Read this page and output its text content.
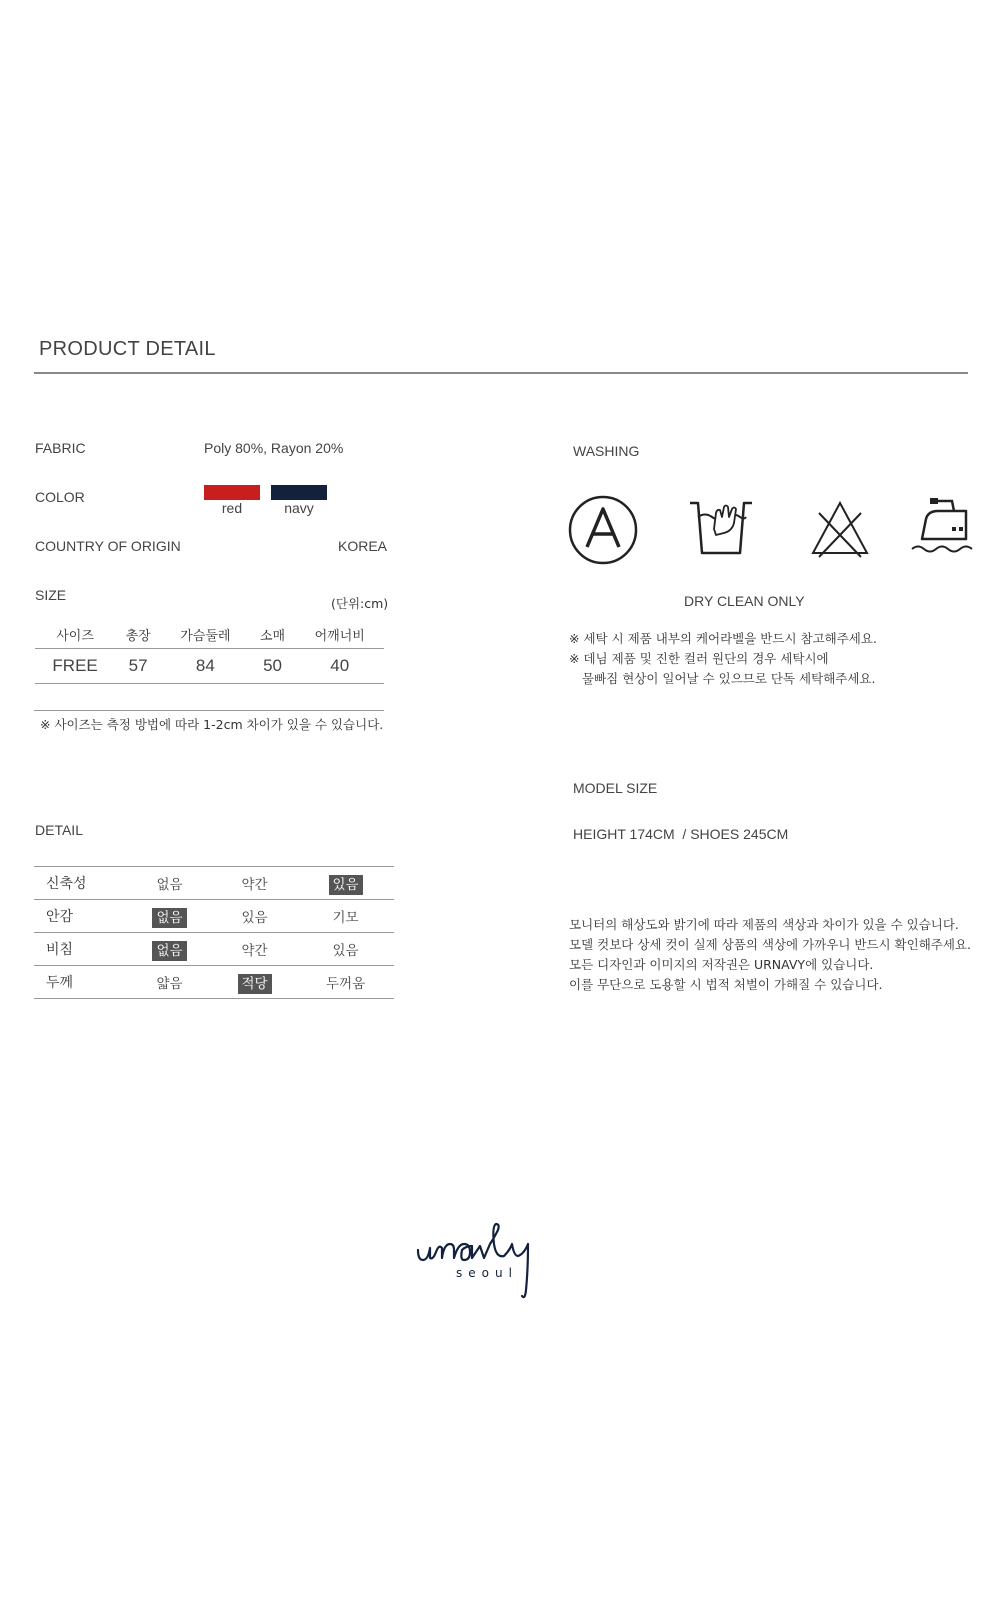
PRODUCT DETAIL
FABRIC	Poly 80%, Rayon 20%
COLOR
red	navy
COUNTRY OF ORIGIN	KOREA
SIZE
(단위:cm)
사이즈	총장	가슴둘레	소매	어깨너비
FREE	57	84	50	40
※ 사이즈는 측정 방법에 따라 1-2cm 차이가 있을 수 있습니다.
DETAIL
신축성	없음	약간	있음
안감	없음	있음	기모
비침	없음	약간	있음
두께	얇음	적당	두꺼움
WASHING
DRY CLEAN ONLY
※ 세탁 시 제품 내부의 케어라벨을 반드시 참고해주세요.
※ 데님 제품 및 진한 컬러 원단의 경우 세탁시에
물빠짐 현상이 일어날 수 있으므로 단독 세탁해주세요.
MODEL SIZE
HEIGHT 174CM  / SHOES 245CM
모니터의 해상도와 밝기에 따라 제품의 색상과 차이가 있을 수 있습니다.
모델 컷보다 상세 컷이 실제 상품의 색상에 가까우니 반드시 확인해주세요.
모든 디자인과 이미지의 저작권은 URNAVY에 있습니다.
이를 무단으로 도용할 시 법적 처벌이 가해질 수 있습니다.
seoul
